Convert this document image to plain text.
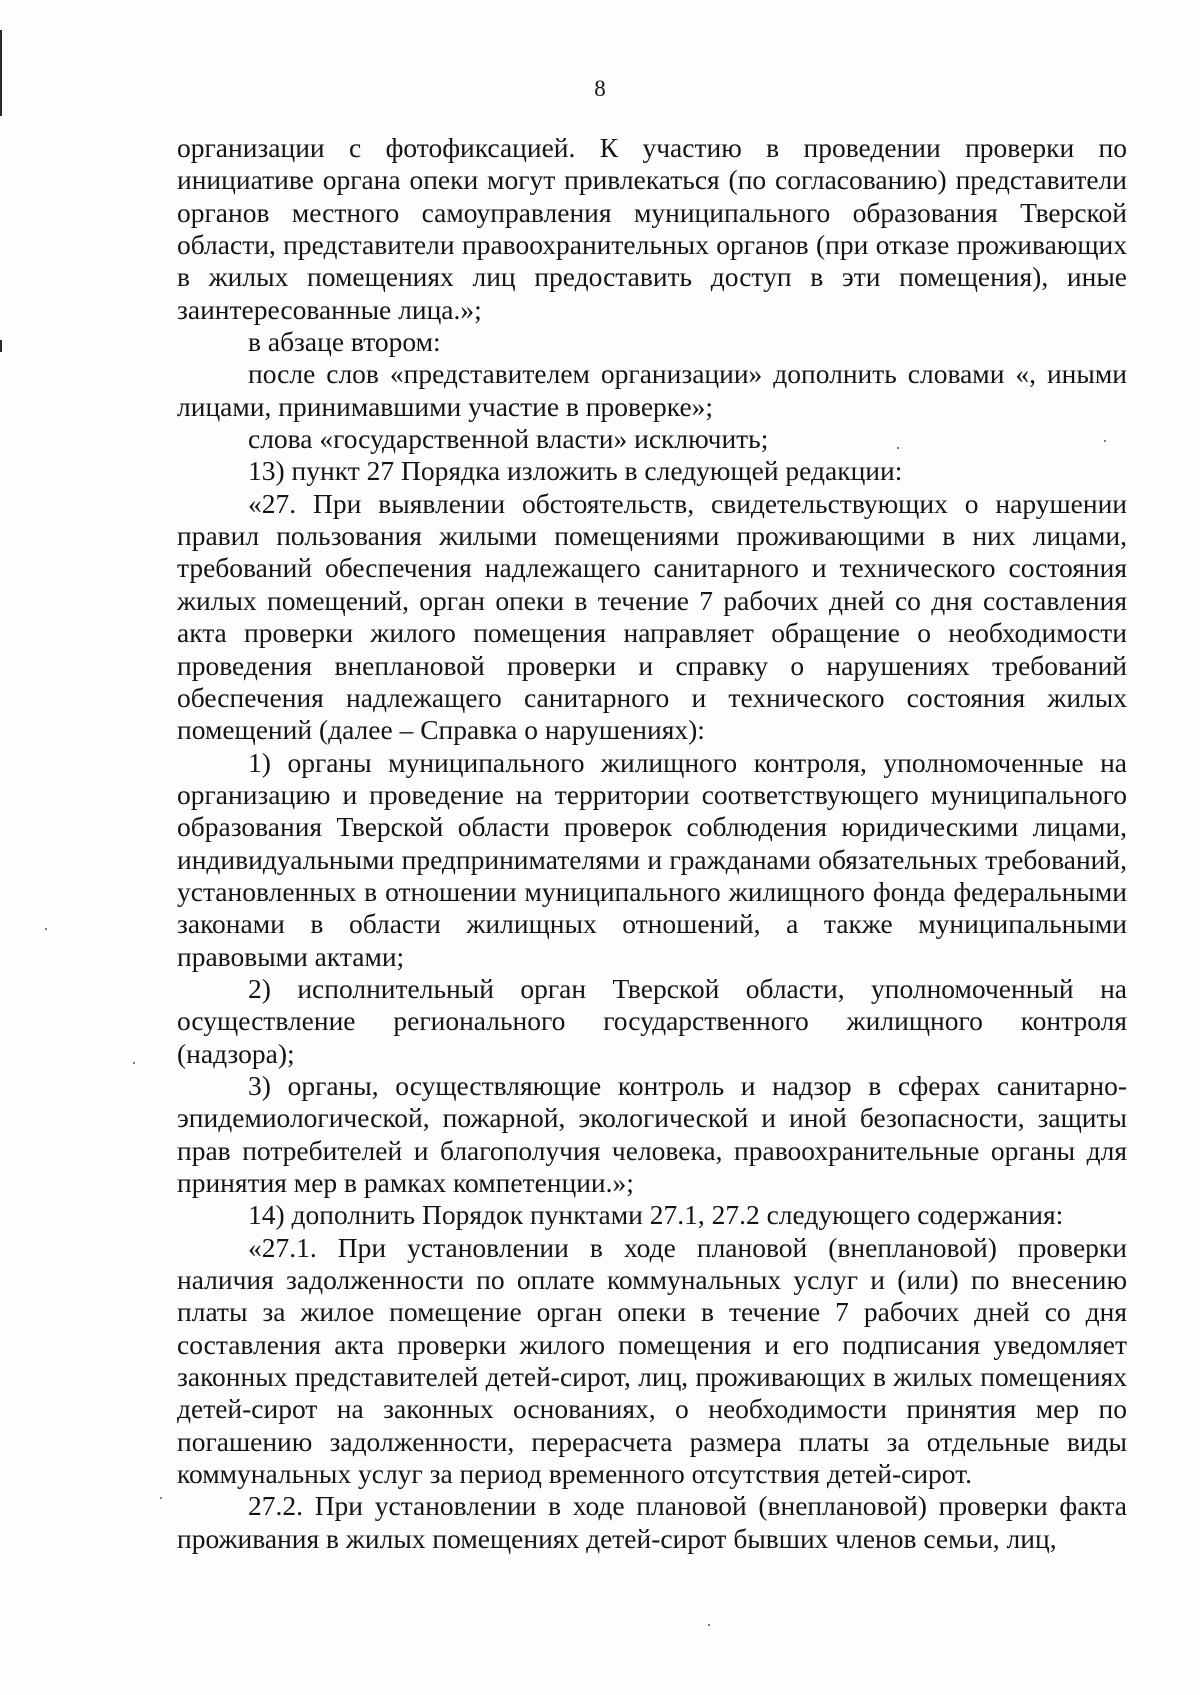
8

организации с фотофиксацией. К участию в проведении проверки по инициативе органа опеки могут привлекаться (по согласованию) представители органов местного самоуправления муниципального образования Тверской области, представители правоохранительных органов (при отказе проживающих в жилых помещениях лиц предоставить доступ в эти помещения), иные заинтересованные лица.»;

в абзаце втором:

после слов «представителем организации» дополнить словами «, иными лицами, принимавшими участие в проверке»;

слова «государственной власти» исключить;

13) пункт 27 Порядка изложить в следующей редакции:

«27. При выявлении обстоятельств, свидетельствующих о нарушении правил пользования жилыми помещениями проживающими в них лицами, требований обеспечения надлежащего санитарного и технического состояния жилых помещений, орган опеки в течение 7 рабочих дней со дня составления акта проверки жилого помещения направляет обращение о необходимости проведения внеплановой проверки и справку о нарушениях требований обеспечения надлежащего санитарного и технического состояния жилых помещений (далее – Справка о нарушениях):

1) органы муниципального жилищного контроля, уполномоченные на организацию и проведение на территории соответствующего муниципального образования Тверской области проверок соблюдения юридическими лицами, индивидуальными предпринимателями и гражданами обязательных требований, установленных в отношении муниципального жилищного фонда федеральными законами в области жилищных отношений, а также муниципальными правовыми актами;

2) исполнительный орган Тверской области, уполномоченный на осуществление регионального государственного жилищного контроля (надзора);

3) органы, осуществляющие контроль и надзор в сферах санитарно-эпидемиологической, пожарной, экологической и иной безопасности, защиты прав потребителей и благополучия человека, правоохранительные органы для принятия мер в рамках компетенции.»;

14) дополнить Порядок пунктами 27.1, 27.2 следующего содержания:

«27.1. При установлении в ходе плановой (внеплановой) проверки наличия задолженности по оплате коммунальных услуг и (или) по внесению платы за жилое помещение орган опеки в течение 7 рабочих дней со дня составления акта проверки жилого помещения и его подписания уведомляет законных представителей детей-сирот, лиц, проживающих в жилых помещениях детей-сирот на законных основаниях, о необходимости принятия мер по погашению задолженности, перерасчета размера платы за отдельные виды коммунальных услуг за период временного отсутствия детей-сирот.

27.2. При установлении в ходе плановой (внеплановой) проверки факта проживания в жилых помещениях детей-сирот бывших членов семьи, лиц,
